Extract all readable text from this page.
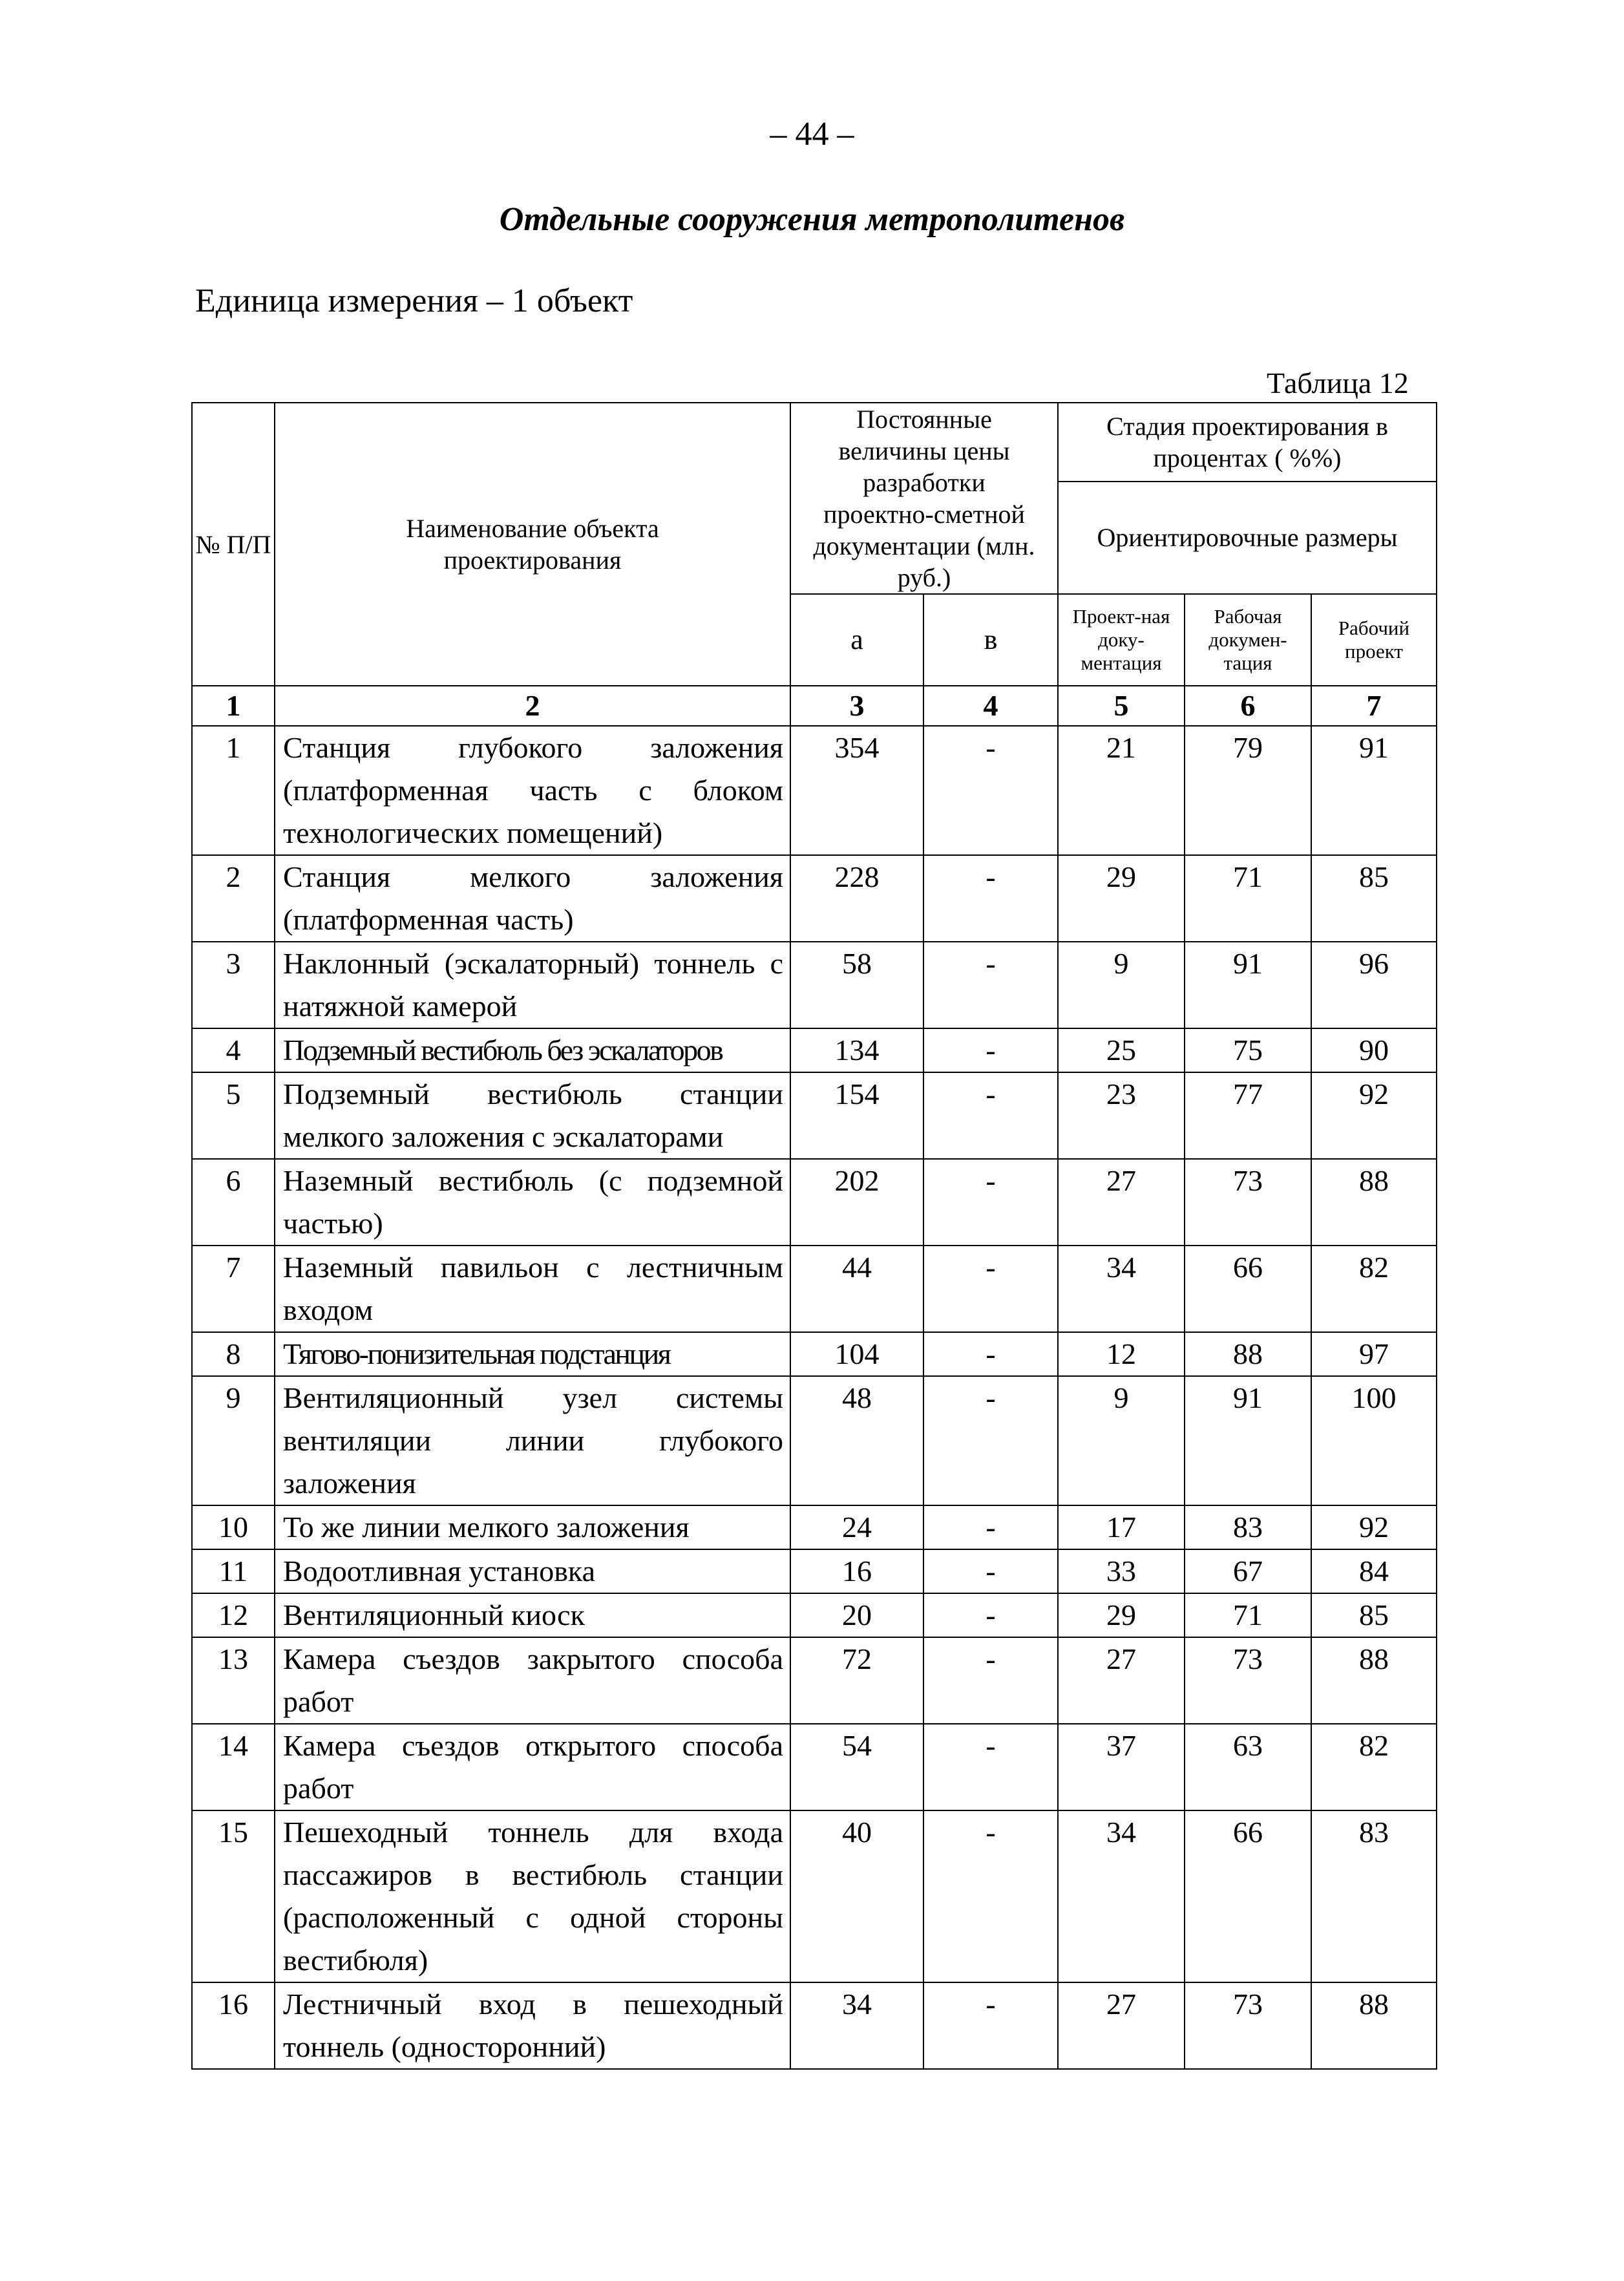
– 44 –
Отдельные сооружения метрополитенов
Единица измерения – 1 объект
Таблица 12
№ П/П	Наименование объекта проектирования	Постоянные величины цены разработки проектно-сметной документации (млн. руб.)		Стадия проектирования в процентах ( %%)		

				Ориентировочные размеры		
		а	в	Проект-ная доку-ментация	Рабочая докумен-тация	Рабочий проект

1	2	3	4	5	6	7
1	Станция глубокого заложения (платформенная часть с блоком технологических помещений)	354	-	21	79	91
2	Станция мелкого заложения (платформенная часть)	228	-	29	71	85
3	Наклонный (эскалаторный) тоннель с натяжной камерой	58	-	9	91	96
4	Подземный вестибюль без эскалаторов	134	-	25	75	90
5	Подземный вестибюль станции мелкого заложения с эскалаторами	154	-	23	77	92
6	Наземный вестибюль (с подземной частью)	202	-	27	73	88
7	Наземный павильон с лестничным входом	44	-	34	66	82
8	Тягово-понизительная подстанция	104	-	12	88	97
9	Вентиляционный узел системы вентиляции линии глубокого заложения	48	-	9	91	100
10	То же линии мелкого заложения	24	-	17	83	92
11	Водоотливная установка	16	-	33	67	84
12	Вентиляционный киоск	20	-	29	71	85
13	Камера съездов закрытого способа работ	72	-	27	73	88
14	Камера съездов открытого способа работ	54	-	37	63	82
15	Пешеходный тоннель для входа пассажиров в вестибюль станции (расположенный с одной стороны вестибюля)	40	-	34	66	83
16	Лестничный вход в пешеходный тоннель (односторонний)	34	-	27	73	88
